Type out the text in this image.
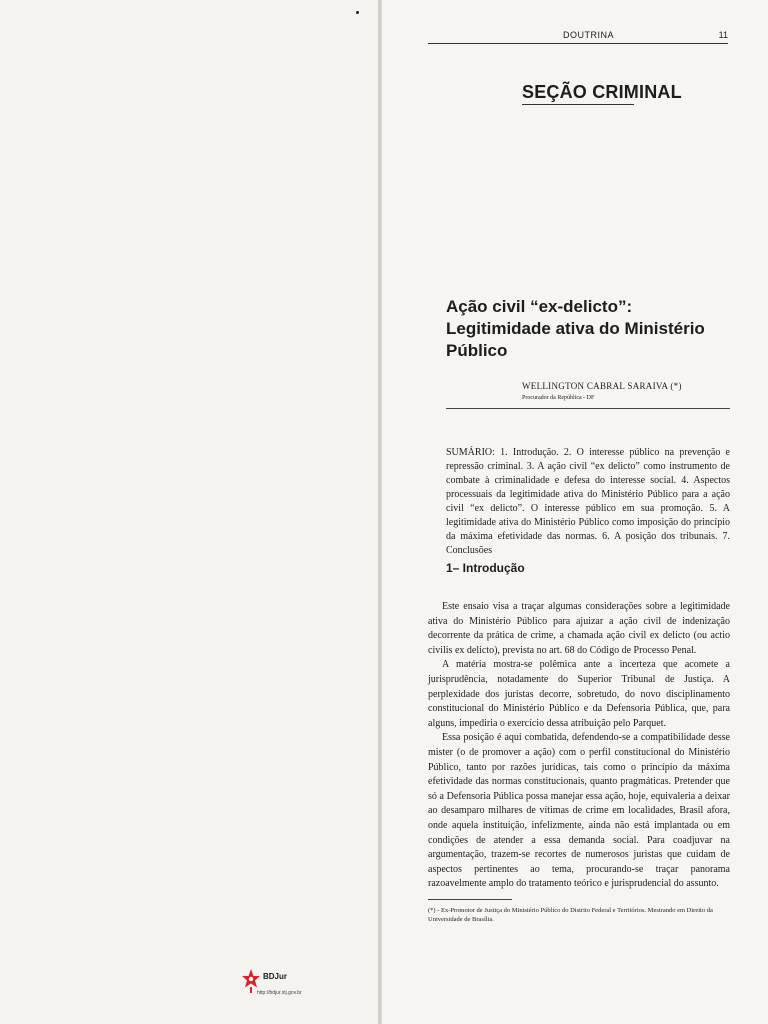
DOUTRINA	11
SEÇÃO CRIMINAL
Ação civil “ex-delicto”: Legitimidade ativa do Ministério Público
WELLINGTON CABRAL SARAIVA (*)
Procurador da República - DF
SUMÁRIO: 1. Introdução. 2. O interesse público na prevenção e repressão criminal. 3. A ação civil “ex delicto” como instrumento de combate à criminalidade e defesa do interesse social. 4. Aspectos processuais da legitimidade ativa do Ministério Público para a ação civil “ex delicto”. O interesse público em sua promoção. 5. A legitimidade ativa do Ministério Público como imposição do princípio da máxima efetividade das normas. 6. A posição dos tribunais. 7. Conclusões
1– Introdução

Este ensaio visa a traçar algumas considerações sobre a legitimidade ativa do Ministério Público para ajuizar a ação civil de indenização decorrente da prática de crime, a chamada ação civil ex delicto (ou actio civilis ex delicto), prevista no art. 68 do Código de Processo Penal.

A matéria mostra-se polêmica ante a incerteza que acomete a jurisprudência, notadamente do Superior Tribunal de Justiça. A perplexidade dos juristas decorre, sobretudo, do novo disciplinamento constitucional do Ministério Público e da Defensoria Pública, que, para alguns, impediria o exercício dessa atribuição pelo Parquet.

Essa posição é aqui combatida, defendendo-se a compatibilidade desse mister (o de promover a ação) com o perfil constitucional do Ministério Público, tanto por razões jurídicas, tais como o princípio da máxima efetividade das normas constitucionais, quanto pragmáticas. Pretender que só a Defensoria Pública possa manejar essa ação, hoje, equivaleria a deixar ao desamparo milhares de vítimas de crime em localidades, Brasil afora, onde aquela instituição, infelizmente, ainda não está implantada ou em condições de atender a essa demanda social. Para coadjuvar na argumentação, trazem-se recortes de numerosos juristas que cuidam de aspectos pertinentes ao tema, procurando-se traçar panorama razoavelmente amplo do tratamento teórico e jurisprudencial do assunto.

(*) - Ex-Promotor de Justiça do Ministério Público do Distrito Federal e Territórios. Mestrando em Direito da Universidade de Brasília.
BDJur
http://bdjur.stj.gov.br
